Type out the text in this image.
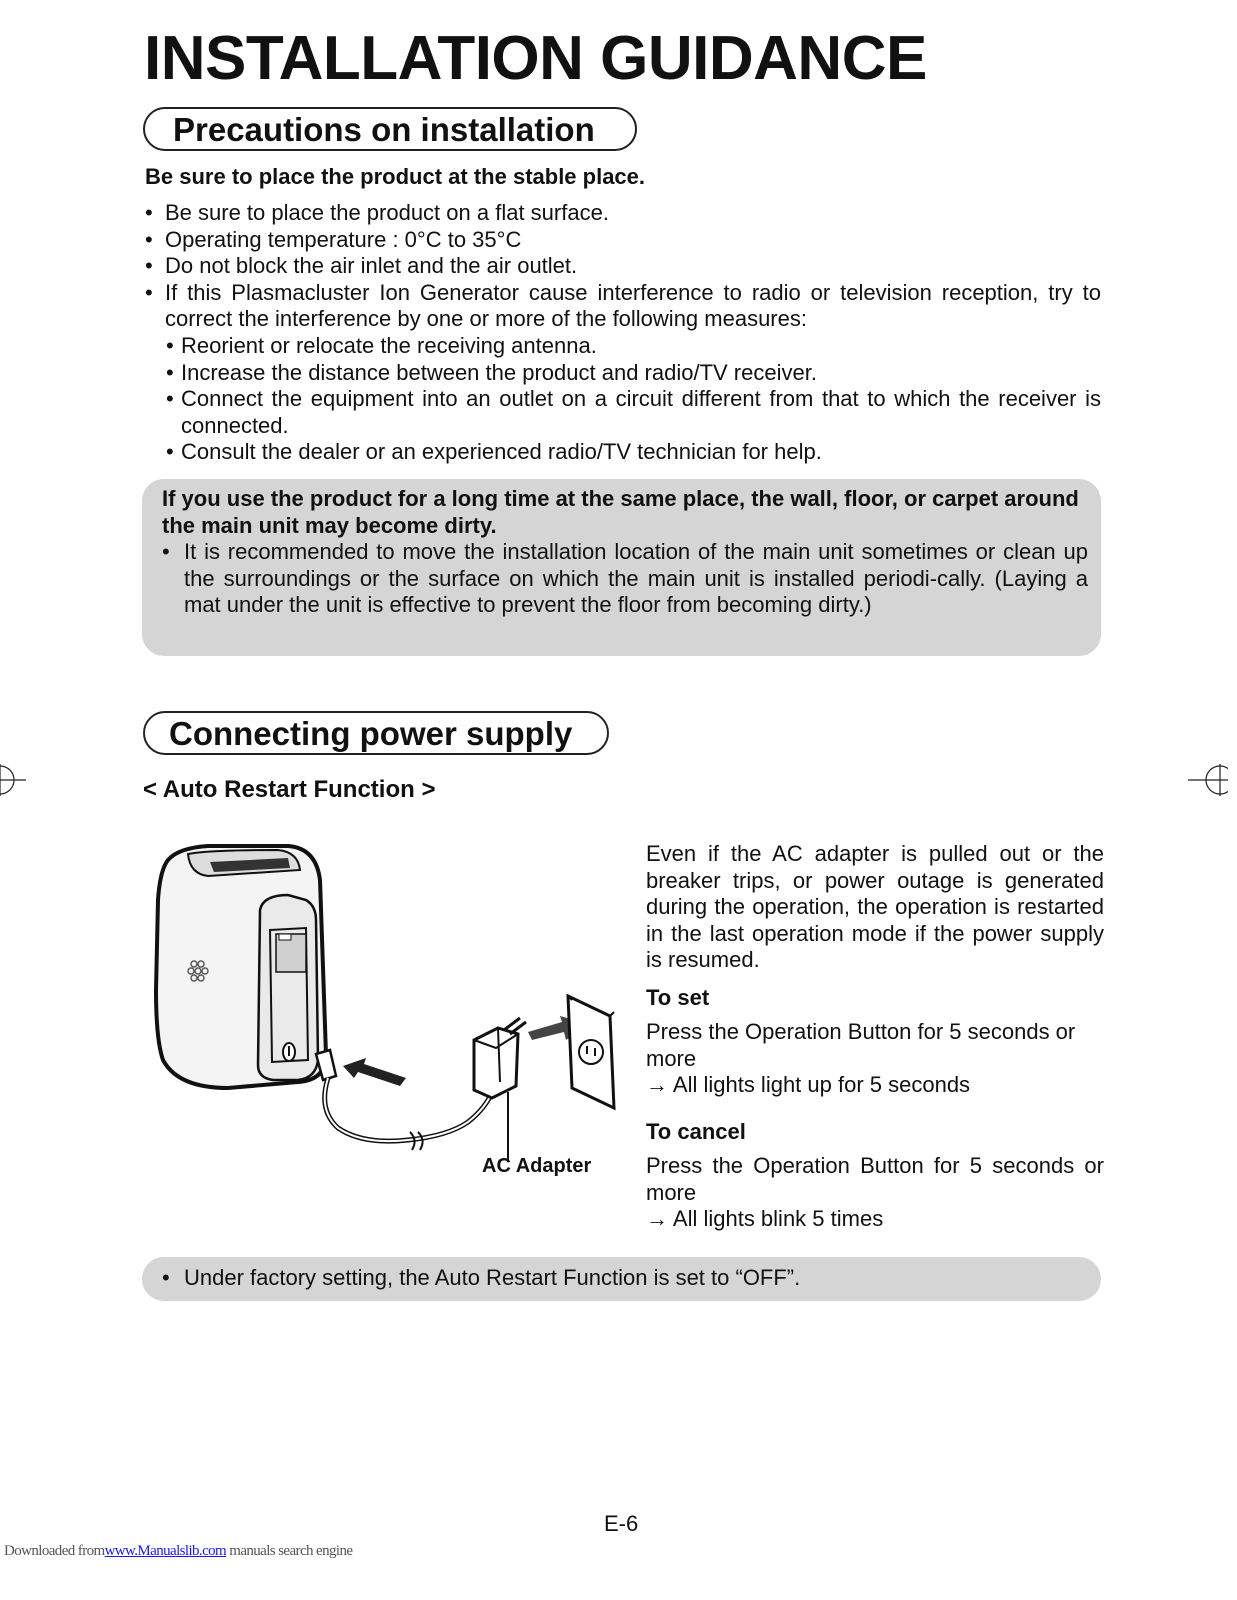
INSTALLATION GUIDANCE
Precautions on installation
Be sure to place the product at the stable place.
• Be sure to place the product on a flat surface.
• Operating temperature : 0°C to 35°C
• Do not block the air inlet and the air outlet.
• If this Plasmacluster Ion Generator cause interference to radio or television reception, try to correct the interference by one or more of the following measures:
• Reorient or relocate the receiving antenna.
• Increase the distance between the product and radio/TV receiver.
• Connect the equipment into an outlet on a circuit different from that to which the receiver is connected.
• Consult the dealer or an experienced radio/TV technician for help.
If you use the product for a long time at the same place, the wall, floor, or carpet around the main unit may become dirty.
• It is recommended to move the installation location of the main unit sometimes or clean up the surroundings or the surface on which the main unit is installed periodi-cally. (Laying a mat under the unit is effective to prevent the floor from becoming dirty.)
Connecting power supply
< Auto Restart Function >
AC Adapter
Even if the AC adapter is pulled out or the breaker trips, or power outage is generated during the operation, the operation is restarted in the last operation mode if the power supply is resumed.
To set
Press the Operation Button for 5 seconds or more
→ All lights light up for 5 seconds
To cancel
Press the Operation Button for 5 seconds or more
→ All lights blink 5 times
• Under factory setting, the Auto Restart Function is set to “OFF”.
E-6
Downloaded fromwww.Manualslib.com manuals search engine
